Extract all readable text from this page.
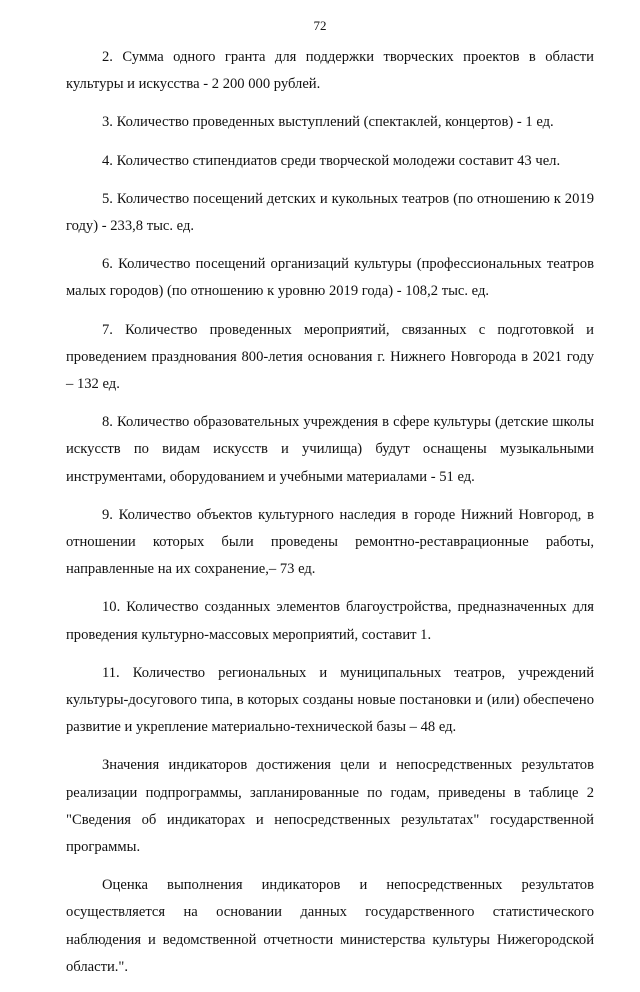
72

2. Сумма одного гранта для поддержки творческих проектов в области культуры и искусства - 2 200 000 рублей.

3. Количество проведенных выступлений (спектаклей, концертов) - 1 ед.

4. Количество стипендиатов среди творческой молодежи составит 43 чел.

5. Количество посещений детских и кукольных театров (по отношению к 2019 году) - 233,8 тыс. ед.

6. Количество посещений организаций культуры (профессиональных театров малых городов) (по отношению к уровню 2019 года) - 108,2 тыс. ед.

7. Количество проведенных мероприятий, связанных с подготовкой и проведением празднования 800-летия основания г. Нижнего Новгорода в 2021 году – 132 ед.

8. Количество образовательных учреждения в сфере культуры (детские школы искусств по видам искусств и училища) будут оснащены музыкальными инструментами, оборудованием и учебными материалами - 51 ед.

9. Количество объектов культурного наследия в городе Нижний Новгород, в отношении которых были проведены ремонтно-реставрационные работы, направленные на их сохранение,– 73 ед.

10. Количество созданных элементов благоустройства, предназначенных для проведения культурно-массовых мероприятий, составит 1.

11. Количество региональных и муниципальных театров, учреждений культуры-досугового типа, в которых созданы новые постановки и (или) обеспечено развитие и укрепление материально-технической базы – 48 ед.

Значения индикаторов достижения цели и непосредственных результатов реализации подпрограммы, запланированные по годам, приведены в таблице 2 "Сведения об индикаторах и непосредственных результатах" государственной программы.

Оценка выполнения индикаторов и непосредственных результатов осуществляется на основании данных государственного статистического наблюдения и ведомственной отчетности министерства культуры Нижегородской области.".
